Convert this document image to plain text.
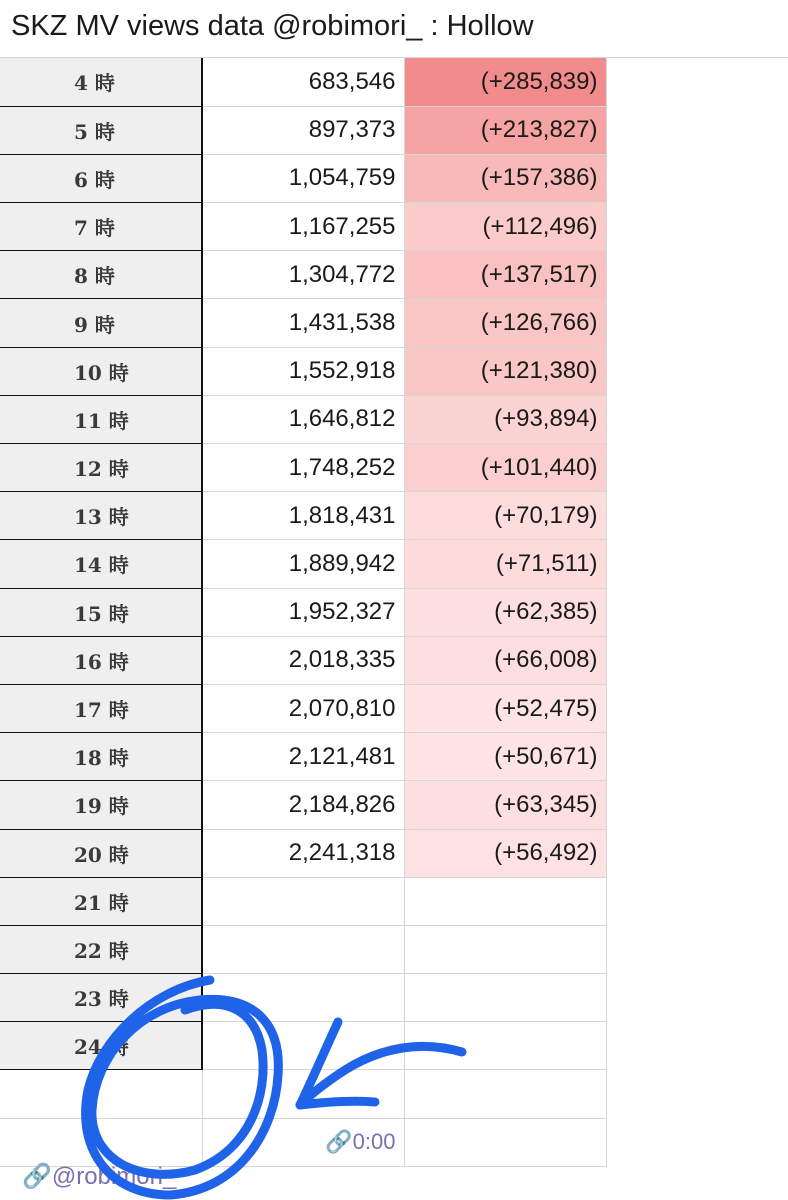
SKZ MV views data @robimori_ : Hollow
4 時	683,546	(+285,839)	
5 時	897,373	(+213,827)	
6 時	1,054,759	(+157,386)	
7 時	1,167,255	(+112,496)	
8 時	1,304,772	(+137,517)	
9 時	1,431,538	(+126,766)	
10 時	1,552,918	(+121,380)	
11 時	1,646,812	(+93,894)	
12 時	1,748,252	(+101,440)	
13 時	1,818,431	(+70,179)	
14 時	1,889,942	(+71,511)	
15 時	1,952,327	(+62,385)	
16 時	2,018,335	(+66,008)	
17 時	2,070,810	(+52,475)	
18 時	2,121,481	(+50,671)	
19 時	2,184,826	(+63,345)	
20 時	2,241,318	(+56,492)	
21 時			
22 時			
23 時			
24 時			

	🔗0:00		
🔗@robimori_
